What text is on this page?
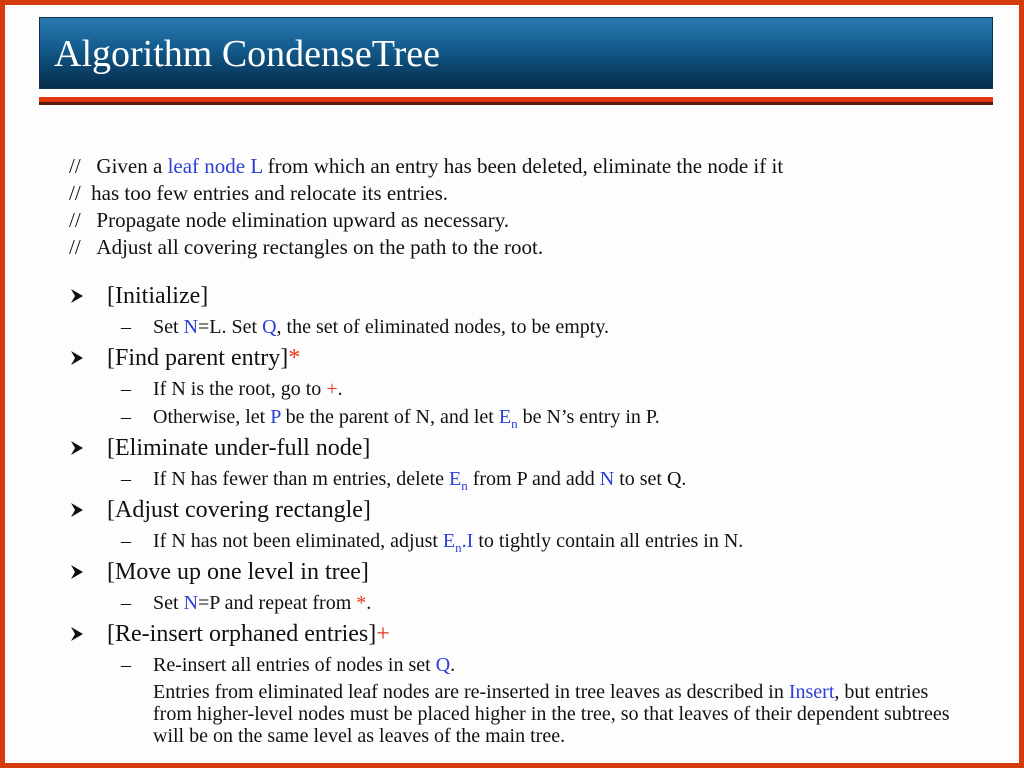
Algorithm CondenseTree
// Given a leaf node L from which an entry has been deleted, eliminate the node if it
// has too few entries and relocate its entries.
// Propagate node elimination upward as necessary.
// Adjust all covering rectangles on the path to the root.
[Initialize]
– Set N=L. Set Q, the set of eliminated nodes, to be empty.
[Find parent entry]*
– If N is the root, go to +.
– Otherwise, let P be the parent of N, and let $E_n$ be N’s entry in P.
[Eliminate under-full node]
– If N has fewer than m entries, delete $E_n$ from P and add N to set Q.
[Adjust covering rectangle]
– If N has not been eliminated, adjust $E_n.I$ to tightly contain all entries in N.
[Move up one level in tree]
– Set N=P and repeat from *.
[Re-insert orphaned entries]+
– Re-insert all entries of nodes in set Q.
Entries from eliminated leaf nodes are re-inserted in tree leaves as described in Insert, but entries from higher-level nodes must be placed higher in the tree, so that leaves of their dependent subtrees will be on the same level as leaves of the main tree.
